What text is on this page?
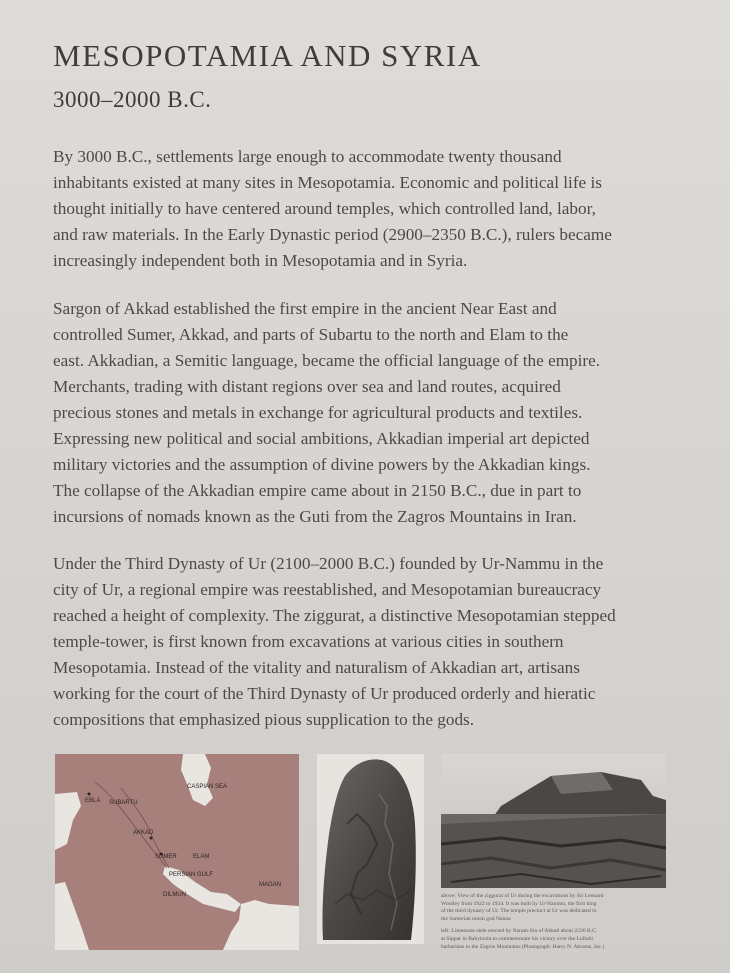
MESOPOTAMIA AND SYRIA
3000–2000 B.C.
By 3000 B.C., settlements large enough to accommodate twenty thousand
inhabitants existed at many sites in Mesopotamia. Economic and political life is
thought initially to have centered around temples, which controlled land, labor,
and raw materials. In the Early Dynastic period (2900–2350 B.C.), rulers became
increasingly independent both in Mesopotamia and in Syria.
Sargon of Akkad established the first empire in the ancient Near East and
controlled Sumer, Akkad, and parts of Subartu to the north and Elam to the
east. Akkadian, a Semitic language, became the official language of the empire.
Merchants, trading with distant regions over sea and land routes, acquired
precious stones and metals in exchange for agricultural products and textiles.
Expressing new political and social ambitions, Akkadian imperial art depicted
military victories and the assumption of divine powers by the Akkadian kings.
The collapse of the Akkadian empire came about in 2150 B.C., due in part to
incursions of nomads known as the Guti from the Zagros Mountains in Iran.
Under the Third Dynasty of Ur (2100–2000 B.C.) founded by Ur-Nammu in the
city of Ur, a regional empire was reestablished, and Mesopotamian bureaucracy
reached a height of complexity. The ziggurat, a distinctive Mesopotamian stepped
temple-tower, is first known from excavations at various cities in southern
Mesopotamia. Instead of the vitality and naturalism of Akkadian art, artisans
working for the court of the Third Dynasty of Ur produced orderly and hieratic
compositions that emphasized pious supplication to the gods.
CASPIAN SEA
EBLA SUBARTU
AKKAD
SUMER	ELAM
DILMUN
MAGAN
PERSIAN GULF
above: View of the ziggurat of Ur during the excavations by Sir Leonard
Woolley from 1922 to 1934. It was built by Ur-Nammu, the first king
of the third dynasty of Ur. The temple precinct at Ur was dedicated to
the Sumerian moon god Nanna
left: Limestone stele erected by Naram-Sin of Akkad about 2230 B.C.
at Sippar in Babylonia to commemorate his victory over the Lullubi
barbarians in the Zagros Mountains (Photograph: Harry N. Abrams, Inc.)
